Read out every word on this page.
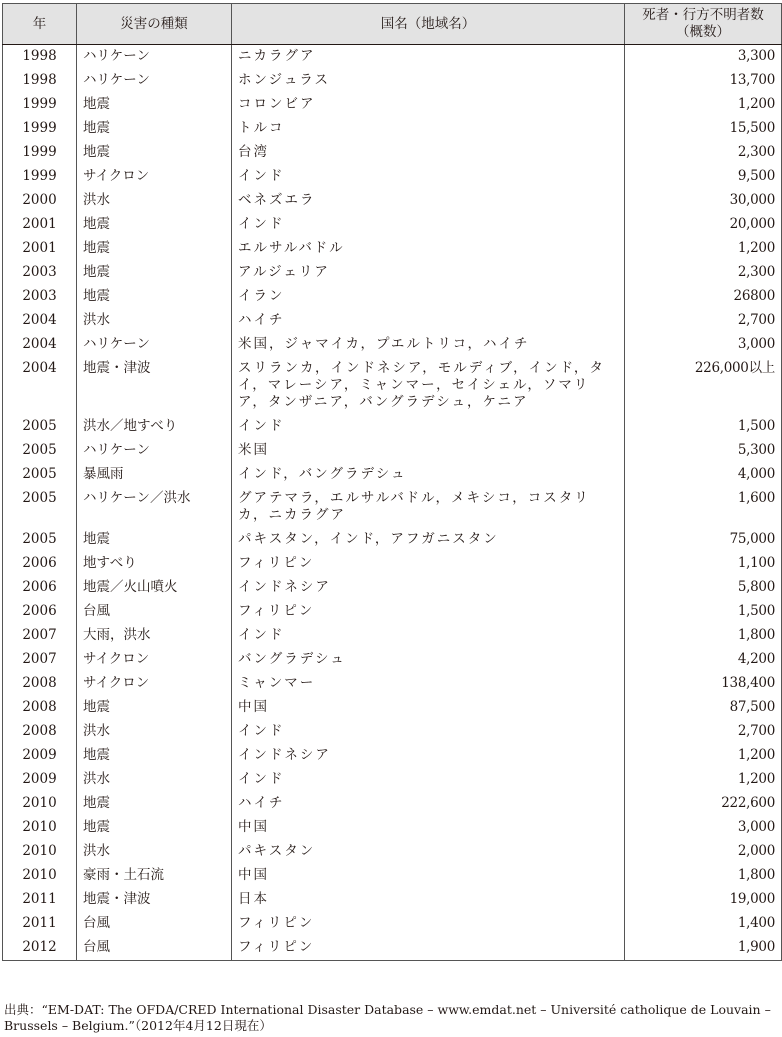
年	災害の種類	国名（地域名）	死者・行方不明者数
（概数）

1998	ハリケーン	ニカラグア	3,300
1998	ハリケーン	ホンジュラス	13,700
1999	地震	コロンビア	1,200
1999	地震	トルコ	15,500
1999	地震	台湾	2,300
1999	サイクロン	インド	9,500
2000	洪水	ベネズエラ	30,000
2001	地震	インド	20,000
2001	地震	エルサルバドル	1,200
2003	地震	アルジェリア	2,300
2003	地震	イラン	26800
2004	洪水	ハイチ	2,700
2004	ハリケーン	米国，ジャマイカ，プエルトリコ，ハイチ	3,000
2004	地震・津波	スリランカ，インドネシア，モルディブ，インド，タイ，マレーシア，ミャンマー，セイシェル，ソマリア，タンザニア，バングラデシュ，ケニア	226,000以上
2005	洪水／地すべり	インド	1,500
2005	ハリケーン	米国	5,300
2005	暴風雨	インド，バングラデシュ	4,000
2005	ハリケーン／洪水	グアテマラ，エルサルバドル，メキシコ，コスタリカ，ニカラグア	1,600
2005	地震	パキスタン，インド，アフガニスタン	75,000
2006	地すべり	フィリピン	1,100
2006	地震／火山噴火	インドネシア	5,800
2006	台風	フィリピン	1,500
2007	大雨，洪水	インド	1,800
2007	サイクロン	バングラデシュ	4,200
2008	サイクロン	ミャンマー	138,400
2008	地震	中国	87,500
2008	洪水	インド	2,700
2009	地震	インドネシア	1,200
2009	洪水	インド	1,200
2010	地震	ハイチ	222,600
2010	地震	中国	3,000
2010	洪水	パキスタン	2,000
2010	豪雨・土石流	中国	1,800
2011	地震・津波	日本	19,000
2011	台風	フィリピン	1,400
2012	台風	フィリピン	1,900
出典：“EM-DAT: The OFDA/CRED International Disaster Database – www.emdat.net – Université catholique de Louvain – Brussels – Belgium.”（2012年4月12日現在）
